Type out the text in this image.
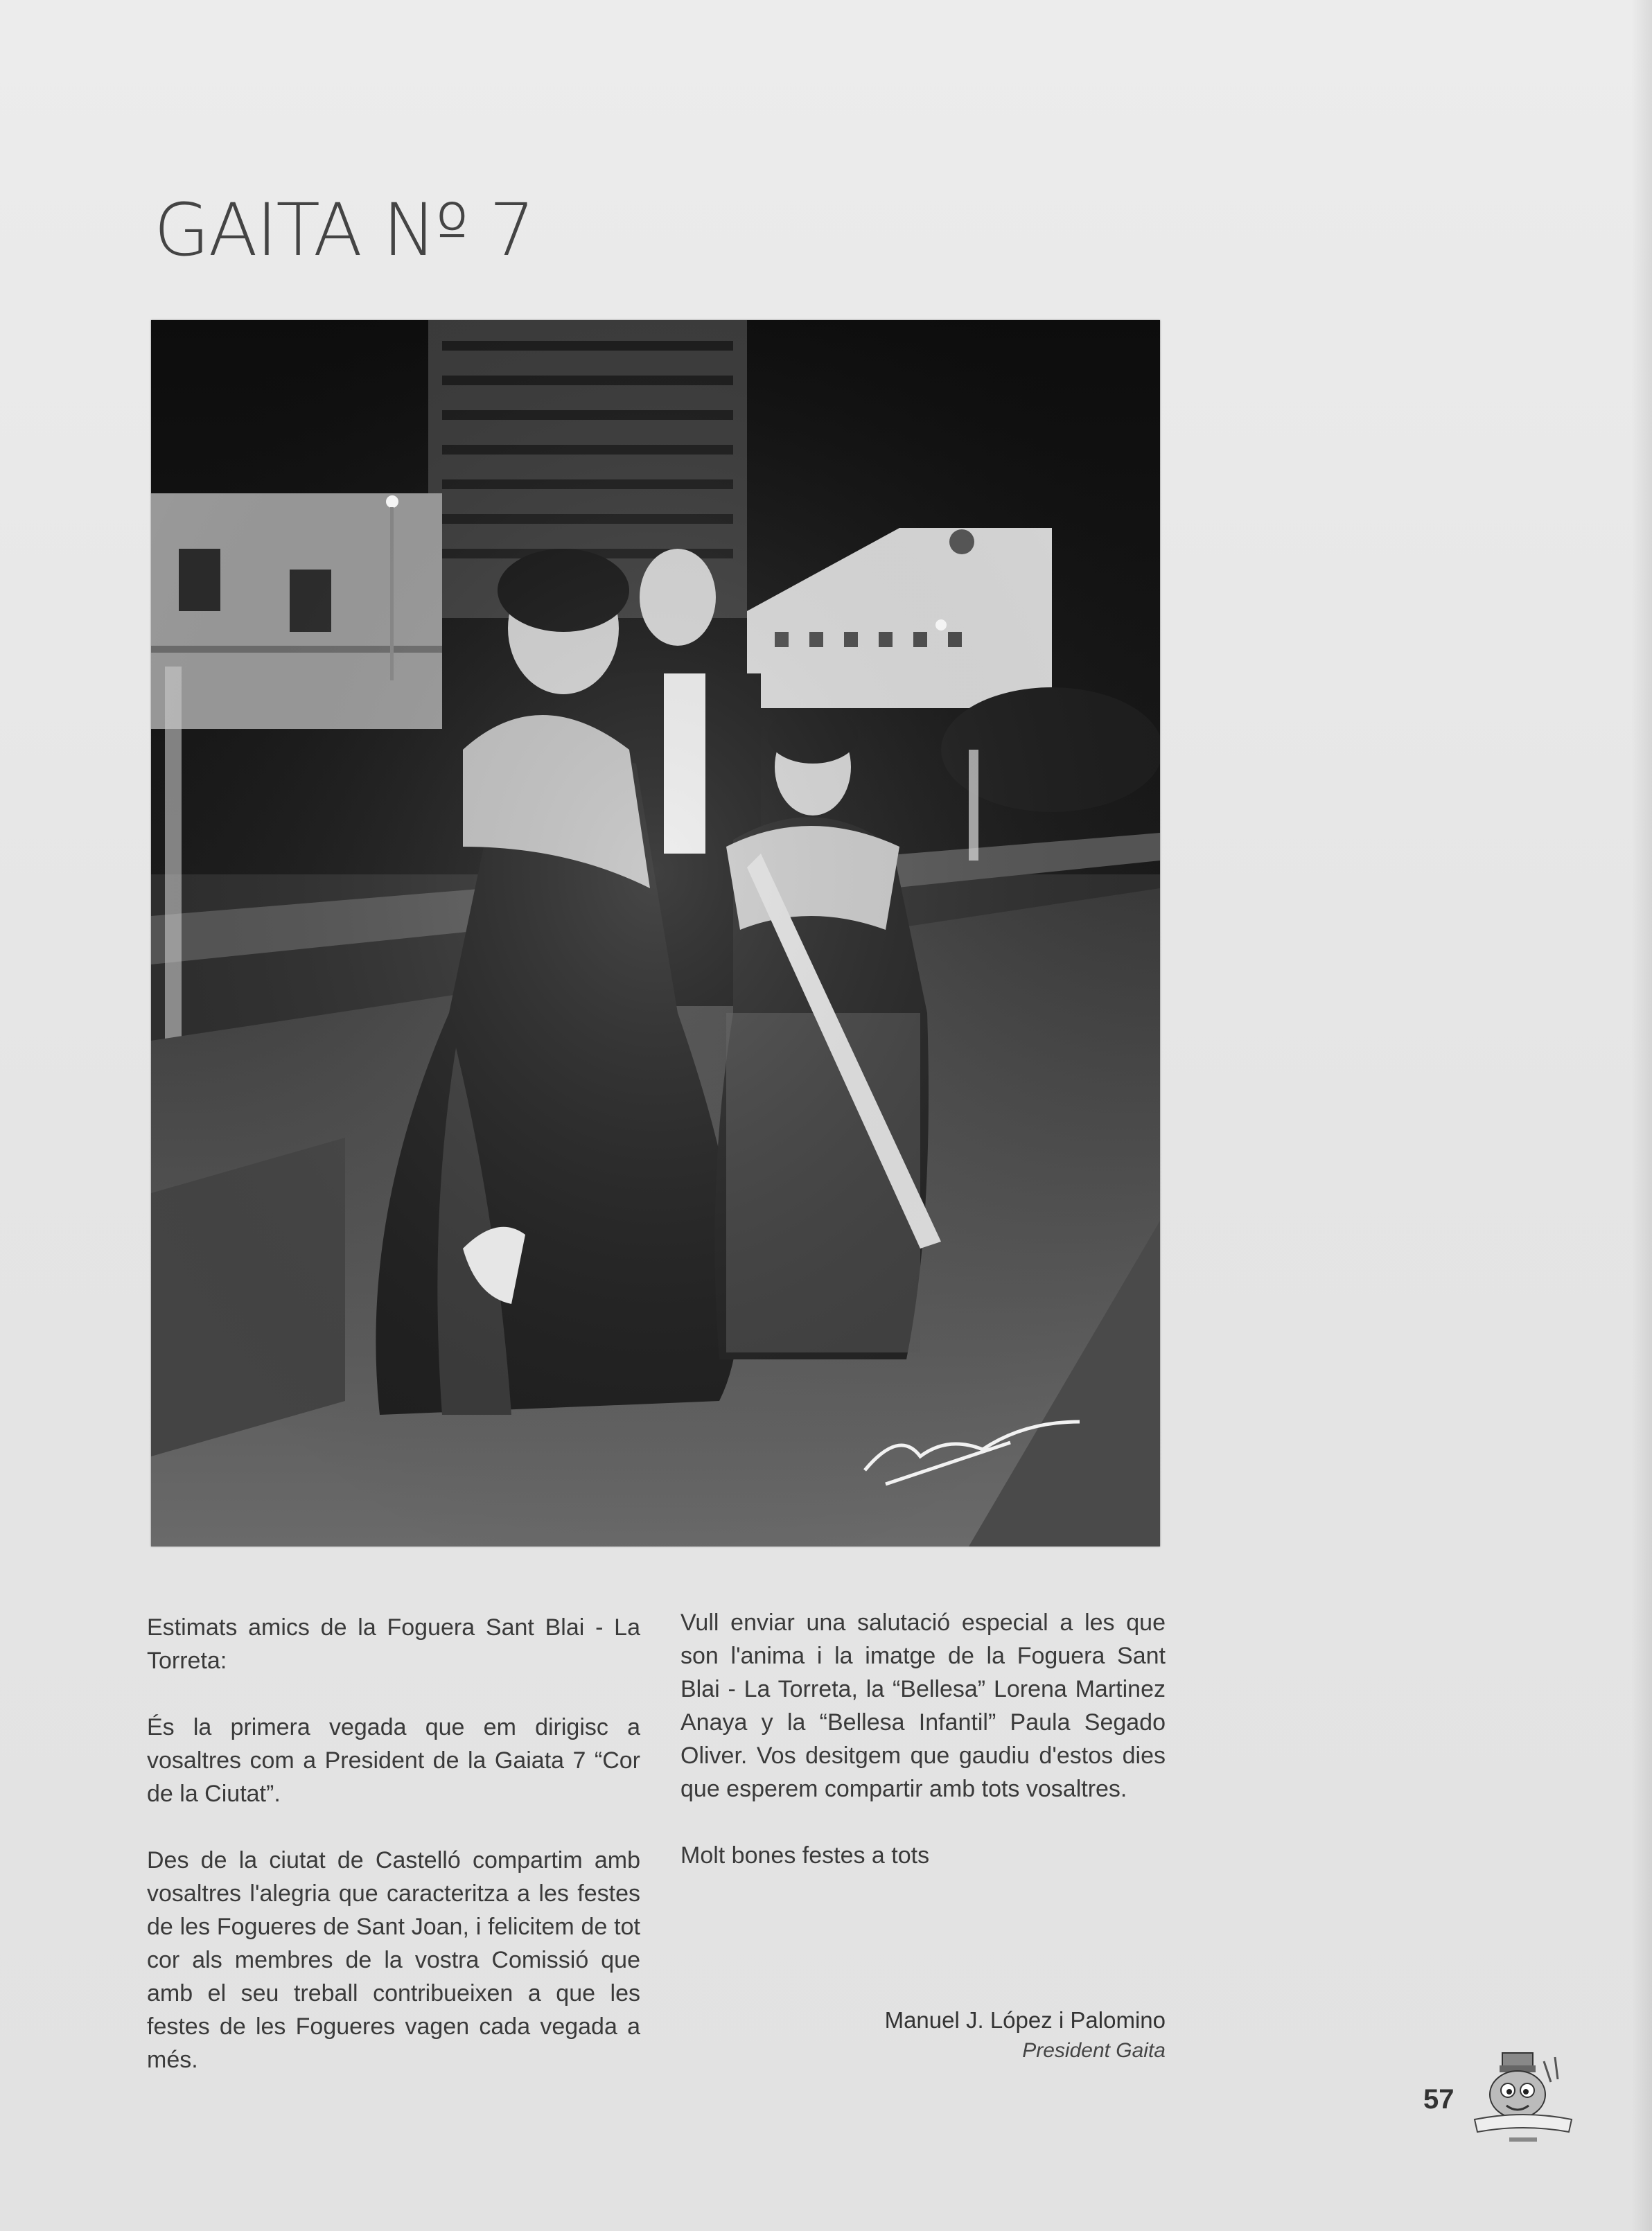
GAITA Nº 7

Estimats amics de la Foguera Sant Blai - La Torreta:

És la primera vegada que em dirigisc a vosaltres com a President de la Gaiata 7 “Cor de la Ciutat”.

Des de la ciutat de Castelló compartim amb vosaltres l'alegria que caracteritza a les festes de les Fogueres de Sant Joan, i felicitem de tot cor als membres de la vostra Comissió que amb el seu treball contribueixen a que les festes de les Fogueres vagen cada vegada a més.

Vull enviar una salutació especial a les que son l'anima i la imatge de la Foguera Sant Blai - La Torreta, la “Bellesa” Lorena Martinez Anaya y la “Bellesa Infantil” Paula Segado Oliver. Vos desitgem que gaudiu d'estos dies que esperem compartir amb tots vosaltres.

Molt bones festes a tots

Manuel J. López i Palomino
President Gaita
57
